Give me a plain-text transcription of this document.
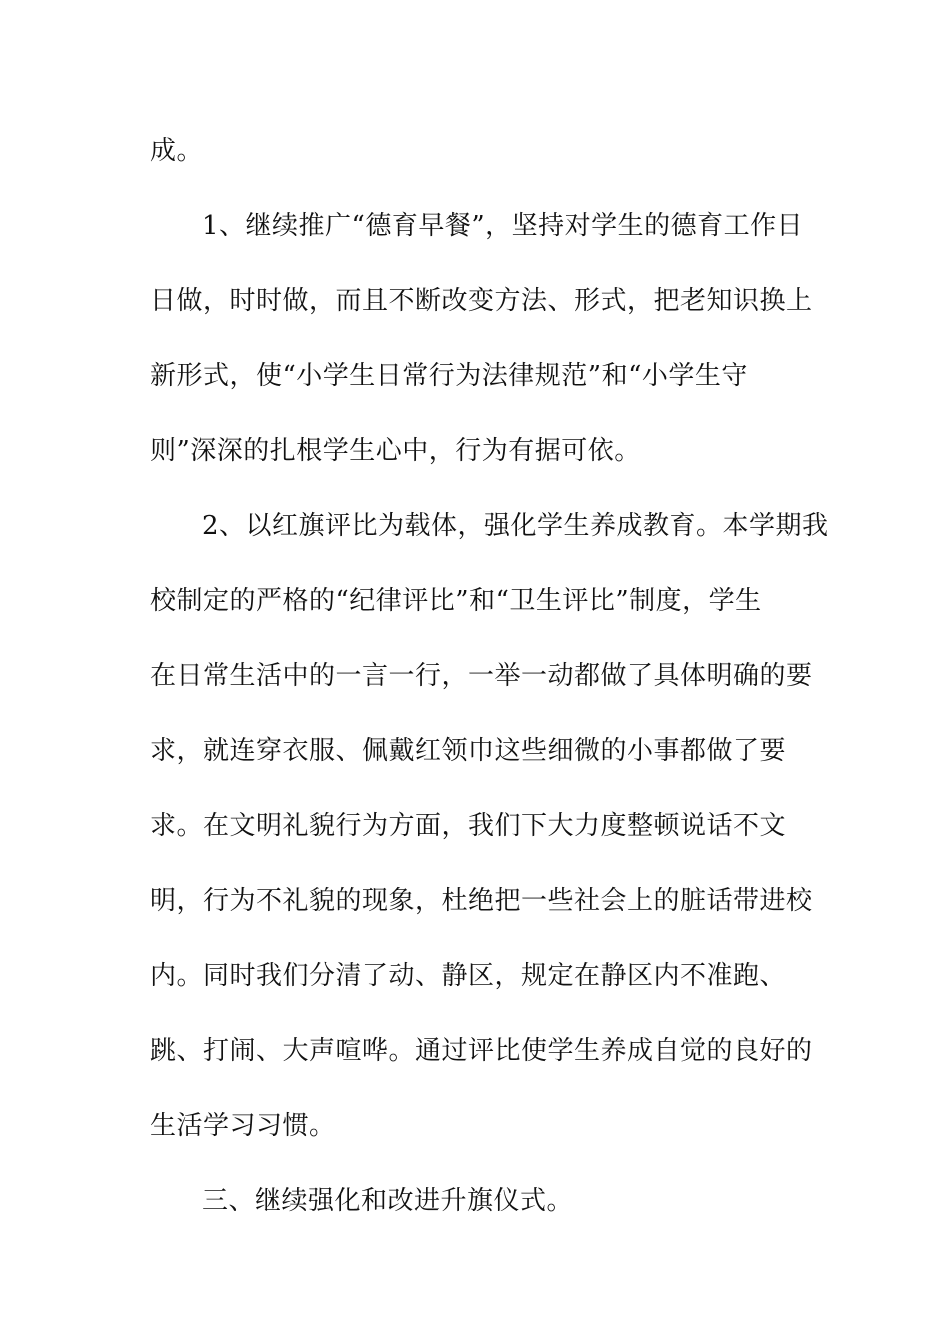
成。
1、继续推广“德育早餐”，坚持对学生的德育工作日
日做，时时做，而且不断改变方法、形式，把老知识换上
新形式，使“小学生日常行为法律规范”和“小学生守
则”深深的扎根学生心中，行为有据可依。
2、以红旗评比为载体，强化学生养成教育。本学期我
校制定的严格的“纪律评比”和“卫生评比”制度，学生
在日常生活中的一言一行，一举一动都做了具体明确的要
求，就连穿衣服、佩戴红领巾这些细微的小事都做了要
求。在文明礼貌行为方面，我们下大力度整顿说话不文
明，行为不礼貌的现象，杜绝把一些社会上的脏话带进校
内。同时我们分清了动、静区，规定在静区内不准跑、
跳、打闹、大声喧哗。通过评比使学生养成自觉的良好的
生活学习习惯。
三、继续强化和改进升旗仪式。
